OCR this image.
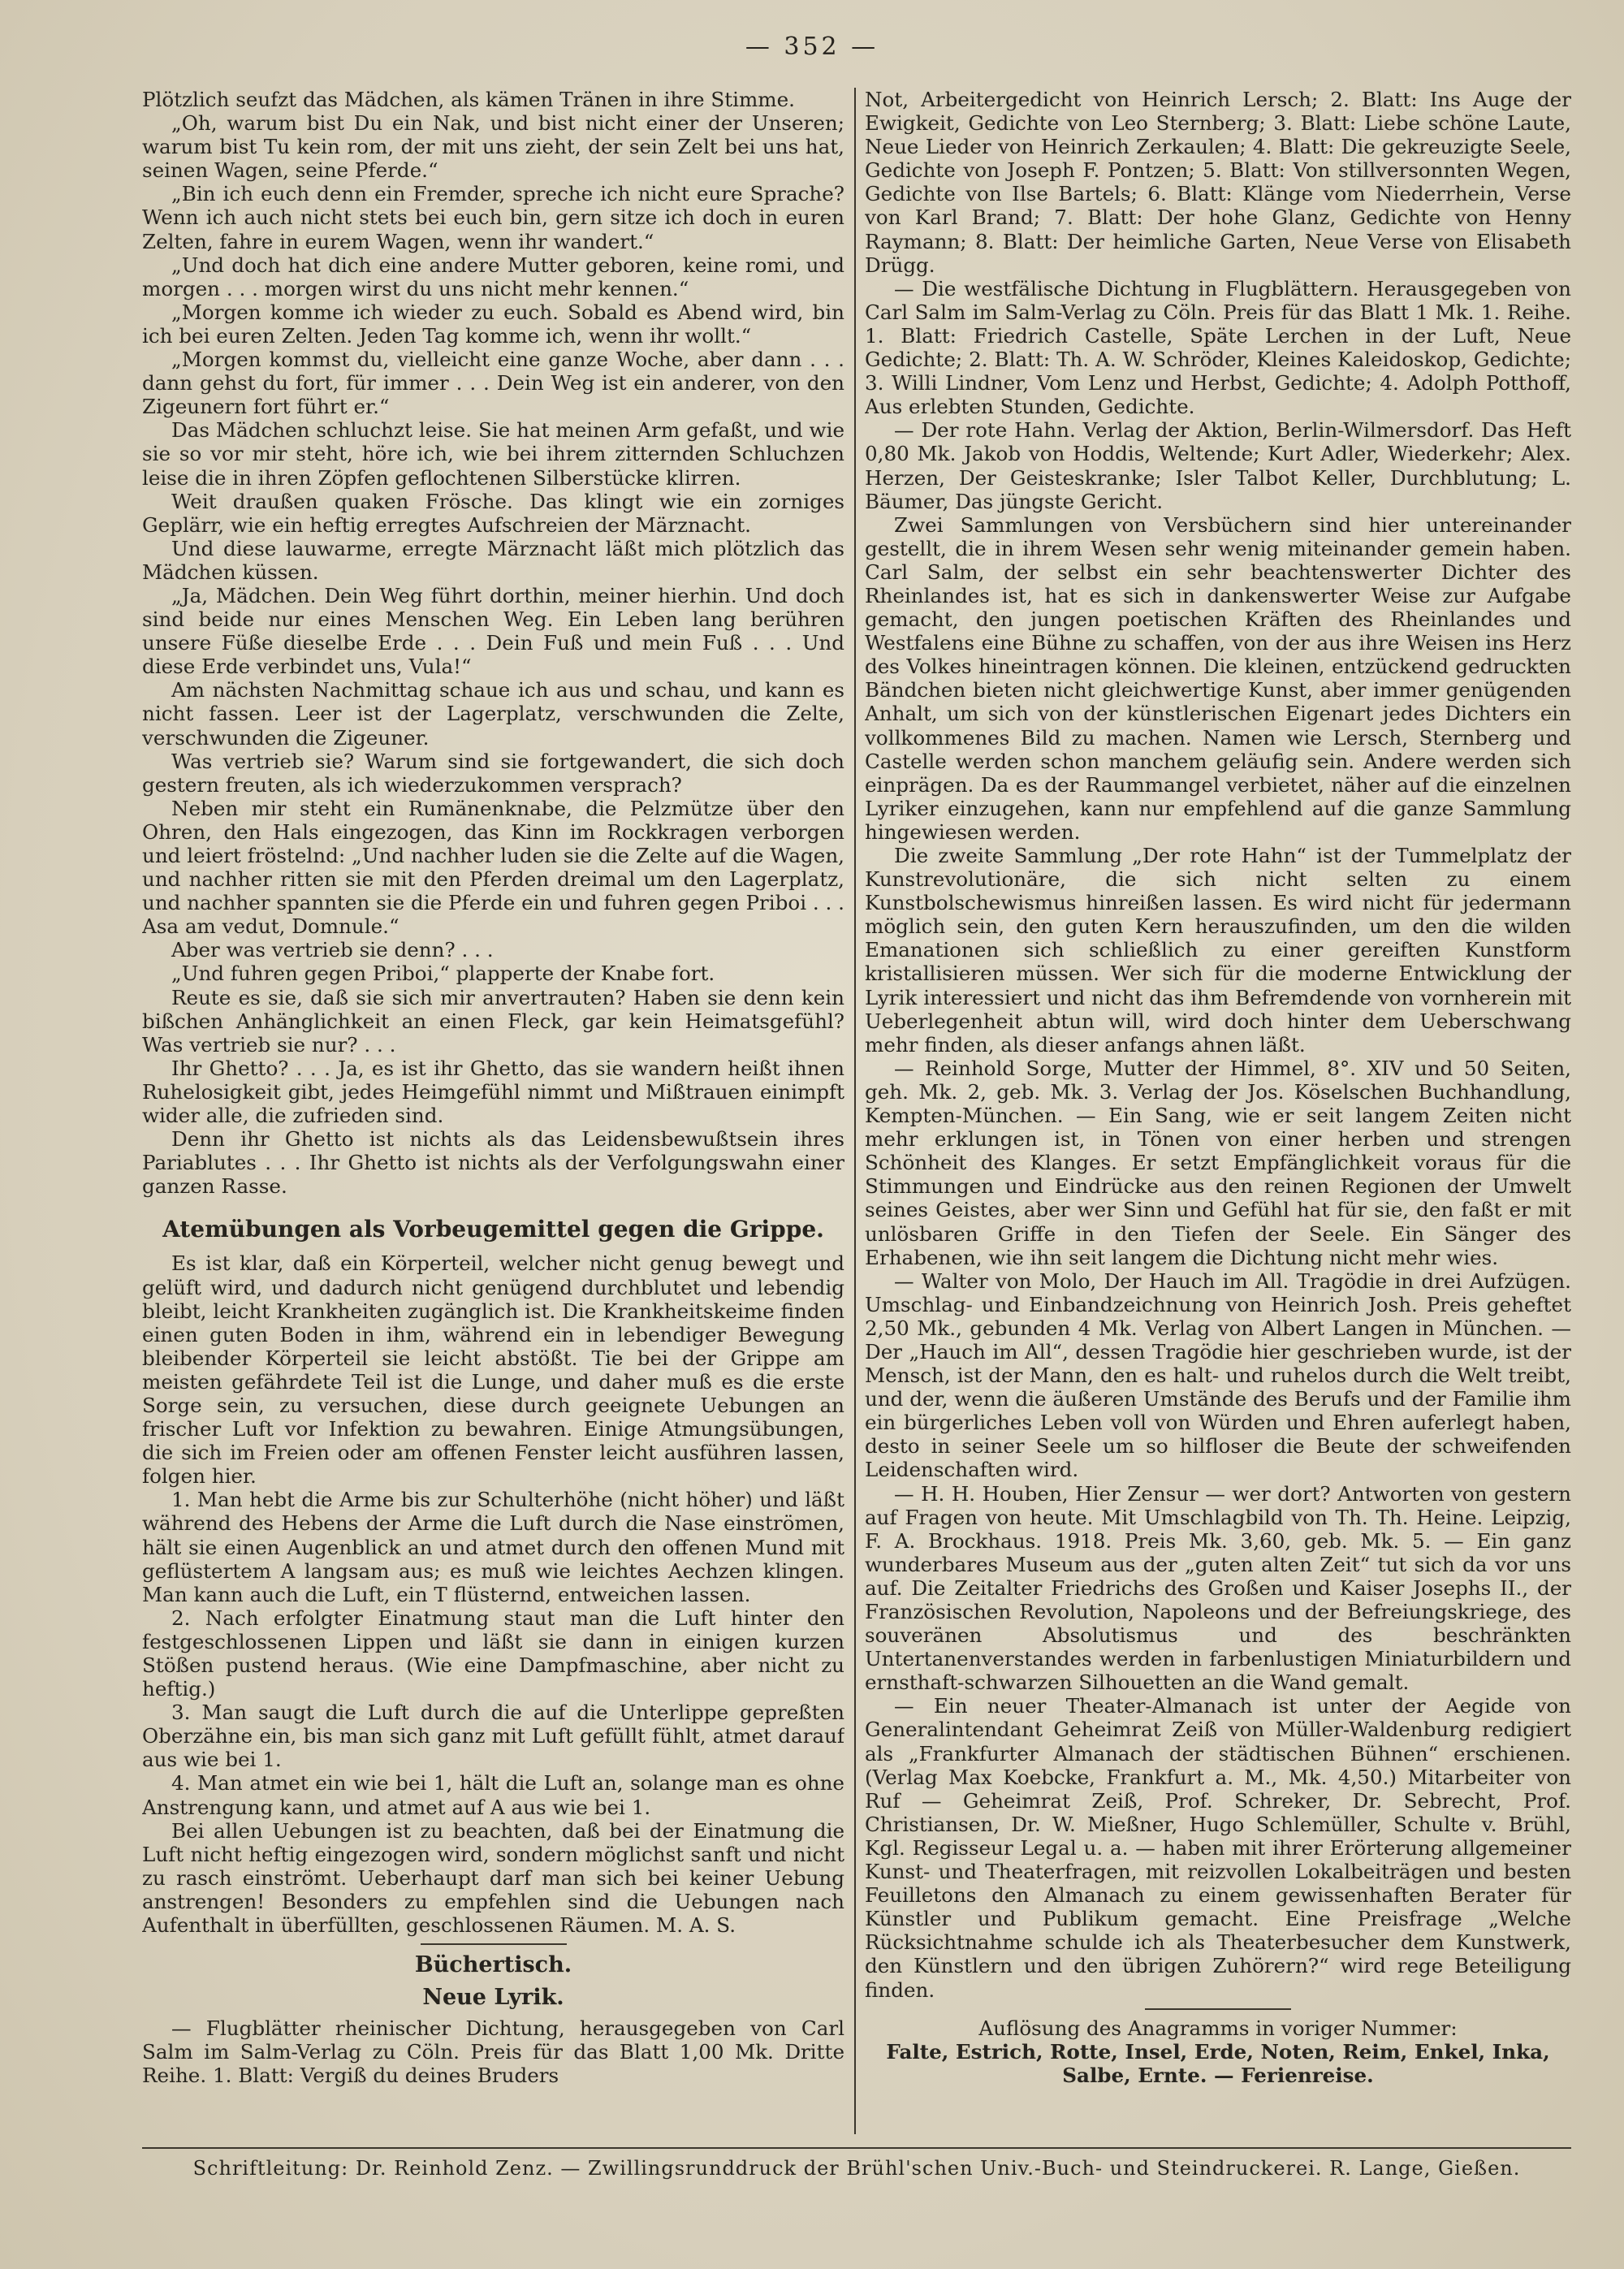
— 352 —

Plötzlich seufzt das Mädchen, als kämen Tränen in ihre Stimme.

„Oh, warum bist Du ein Nak, und bist nicht einer der Unseren; warum bist Tu kein rom, der mit uns zieht, der sein Zelt bei uns hat, seinen Wagen, seine Pferde.“

„Bin ich euch denn ein Fremder, spreche ich nicht eure Sprache? Wenn ich auch nicht stets bei euch bin, gern sitze ich doch in euren Zelten, fahre in eurem Wagen, wenn ihr wandert.“

„Und doch hat dich eine andere Mutter geboren, keine romi, und morgen . . . morgen wirst du uns nicht mehr kennen.“

„Morgen komme ich wieder zu euch. Sobald es Abend wird, bin ich bei euren Zelten. Jeden Tag komme ich, wenn ihr wollt.“

„Morgen kommst du, vielleicht eine ganze Woche, aber dann . . . dann gehst du fort, für immer . . . Dein Weg ist ein anderer, von den Zigeunern fort führt er.“

Das Mädchen schluchzt leise. Sie hat meinen Arm gefaßt, und wie sie so vor mir steht, höre ich, wie bei ihrem zitternden Schluchzen leise die in ihren Zöpfen geflochtenen Silberstücke klirren.

Weit draußen quaken Frösche. Das klingt wie ein zorniges Geplärr, wie ein heftig erregtes Aufschreien der Märznacht.

Und diese lauwarme, erregte Märznacht läßt mich plötzlich das Mädchen küssen.

„Ja, Mädchen. Dein Weg führt dorthin, meiner hierhin. Und doch sind beide nur eines Menschen Weg. Ein Leben lang berühren unsere Füße dieselbe Erde . . . Dein Fuß und mein Fuß . . . Und diese Erde verbindet uns, Vula!“

Am nächsten Nachmittag schaue ich aus und schau, und kann es nicht fassen. Leer ist der Lagerplatz, verschwunden die Zelte, verschwunden die Zigeuner.

Was vertrieb sie? Warum sind sie fortgewandert, die sich doch gestern freuten, als ich wiederzukommen versprach?

Neben mir steht ein Rumänenknabe, die Pelzmütze über den Ohren, den Hals eingezogen, das Kinn im Rockkragen verborgen und leiert fröstelnd: „Und nachher luden sie die Zelte auf die Wagen, und nachher ritten sie mit den Pferden dreimal um den Lagerplatz, und nachher spannten sie die Pferde ein und fuhren gegen Priboi . . . Asa am vedut, Domnule.“

Aber was vertrieb sie denn? . . .

„Und fuhren gegen Priboi,“ plapperte der Knabe fort.

Reute es sie, daß sie sich mir anvertrauten? Haben sie denn kein bißchen Anhänglichkeit an einen Fleck, gar kein Heimatsgefühl? Was vertrieb sie nur? . . .

Ihr Ghetto? . . . Ja, es ist ihr Ghetto, das sie wandern heißt ihnen Ruhelosigkeit gibt, jedes Heimgefühl nimmt und Mißtrauen einimpft wider alle, die zufrieden sind.

Denn ihr Ghetto ist nichts als das Leidensbewußtsein ihres Pariablutes . . . Ihr Ghetto ist nichts als der Verfolgungswahn einer ganzen Rasse.

Atemübungen als Vorbeugemittel gegen die Grippe.

Es ist klar, daß ein Körperteil, welcher nicht genug bewegt und gelüft wird, und dadurch nicht genügend durchblutet und lebendig bleibt, leicht Krankheiten zugänglich ist. Die Krankheitskeime finden einen guten Boden in ihm, während ein in lebendiger Bewegung bleibender Körperteil sie leicht abstößt. Tie bei der Grippe am meisten gefährdete Teil ist die Lunge, und daher muß es die erste Sorge sein, zu versuchen, diese durch geeignete Uebungen an frischer Luft vor Infektion zu bewahren. Einige Atmungsübungen, die sich im Freien oder am offenen Fenster leicht ausführen lassen, folgen hier.

1. Man hebt die Arme bis zur Schulterhöhe (nicht höher) und läßt während des Hebens der Arme die Luft durch die Nase einströmen, hält sie einen Augenblick an und atmet durch den offenen Mund mit geflüstertem A langsam aus; es muß wie leichtes Aechzen klingen. Man kann auch die Luft, ein T flüsternd, entweichen lassen.

2. Nach erfolgter Einatmung staut man die Luft hinter den festgeschlossenen Lippen und läßt sie dann in einigen kurzen Stößen pustend heraus. (Wie eine Dampfmaschine, aber nicht zu heftig.)

3. Man saugt die Luft durch die auf die Unterlippe gepreßten Oberzähne ein, bis man sich ganz mit Luft gefüllt fühlt, atmet darauf aus wie bei 1.

4. Man atmet ein wie bei 1, hält die Luft an, solange man es ohne Anstrengung kann, und atmet auf A aus wie bei 1.

Bei allen Uebungen ist zu beachten, daß bei der Einatmung die Luft nicht heftig eingezogen wird, sondern möglichst sanft und nicht zu rasch einströmt. Ueberhaupt darf man sich bei keiner Uebung anstrengen! Besonders zu empfehlen sind die Uebungen nach Aufenthalt in überfüllten, geschlossenen Räumen. M. A. S.

Büchertisch.
Neue Lyrik.

— Flugblätter rheinischer Dichtung, herausgegeben von Carl Salm im Salm-Verlag zu Cöln. Preis für das Blatt 1,00 Mk. Dritte Reihe. 1. Blatt: Vergiß du deines Bruders

Not, Arbeitergedicht von Heinrich Lersch; 2. Blatt: Ins Auge der Ewigkeit, Gedichte von Leo Sternberg; 3. Blatt: Liebe schöne Laute, Neue Lieder von Heinrich Zerkaulen; 4. Blatt: Die gekreuzigte Seele, Gedichte von Joseph F. Pontzen; 5. Blatt: Von stillversonnten Wegen, Gedichte von Ilse Bartels; 6. Blatt: Klänge vom Niederrhein, Verse von Karl Brand; 7. Blatt: Der hohe Glanz, Gedichte von Henny Raymann; 8. Blatt: Der heimliche Garten, Neue Verse von Elisabeth Drügg.

— Die westfälische Dichtung in Flugblättern. Herausgegeben von Carl Salm im Salm-Verlag zu Cöln. Preis für das Blatt 1 Mk. 1. Reihe. 1. Blatt: Friedrich Castelle, Späte Lerchen in der Luft, Neue Gedichte; 2. Blatt: Th. A. W. Schröder, Kleines Kaleidoskop, Gedichte; 3. Willi Lindner, Vom Lenz und Herbst, Gedichte; 4. Adolph Potthoff, Aus erlebten Stunden, Gedichte.

— Der rote Hahn. Verlag der Aktion, Berlin-Wilmersdorf. Das Heft 0,80 Mk. Jakob von Hoddis, Weltende; Kurt Adler, Wiederkehr; Alex. Herzen, Der Geisteskranke; Isler Talbot Keller, Durchblutung; L. Bäumer, Das jüngste Gericht.

Zwei Sammlungen von Versbüchern sind hier untereinander gestellt, die in ihrem Wesen sehr wenig miteinander gemein haben. Carl Salm, der selbst ein sehr beachtenswerter Dichter des Rheinlandes ist, hat es sich in dankenswerter Weise zur Aufgabe gemacht, den jungen poetischen Kräften des Rheinlandes und Westfalens eine Bühne zu schaffen, von der aus ihre Weisen ins Herz des Volkes hineintragen können. Die kleinen, entzückend gedruckten Bändchen bieten nicht gleichwertige Kunst, aber immer genügenden Anhalt, um sich von der künstlerischen Eigenart jedes Dichters ein vollkommenes Bild zu machen. Namen wie Lersch, Sternberg und Castelle werden schon manchem geläufig sein. Andere werden sich einprägen. Da es der Raummangel verbietet, näher auf die einzelnen Lyriker einzugehen, kann nur empfehlend auf die ganze Sammlung hingewiesen werden.

Die zweite Sammlung „Der rote Hahn“ ist der Tummelplatz der Kunstrevolutionäre, die sich nicht selten zu einem Kunstbolschewismus hinreißen lassen. Es wird nicht für jedermann möglich sein, den guten Kern herauszufinden, um den die wilden Emanationen sich schließlich zu einer gereiften Kunstform kristallisieren müssen. Wer sich für die moderne Entwicklung der Lyrik interessiert und nicht das ihm Befremdende von vornherein mit Ueberlegenheit abtun will, wird doch hinter dem Ueberschwang mehr finden, als dieser anfangs ahnen läßt.

— Reinhold Sorge, Mutter der Himmel, 8°. XIV und 50 Seiten, geh. Mk. 2, geb. Mk. 3. Verlag der Jos. Köselschen Buchhandlung, Kempten-München. — Ein Sang, wie er seit langem Zeiten nicht mehr erklungen ist, in Tönen von einer herben und strengen Schönheit des Klanges. Er setzt Empfänglichkeit voraus für die Stimmungen und Eindrücke aus den reinen Regionen der Umwelt seines Geistes, aber wer Sinn und Gefühl hat für sie, den faßt er mit unlösbaren Griffe in den Tiefen der Seele. Ein Sänger des Erhabenen, wie ihn seit langem die Dichtung nicht mehr wies.

— Walter von Molo, Der Hauch im All. Tragödie in drei Aufzügen. Umschlag- und Einbandzeichnung von Heinrich Josh. Preis geheftet 2,50 Mk., gebunden 4 Mk. Verlag von Albert Langen in München. — Der „Hauch im All“, dessen Tragödie hier geschrieben wurde, ist der Mensch, ist der Mann, den es halt- und ruhelos durch die Welt treibt, und der, wenn die äußeren Umstände des Berufs und der Familie ihm ein bürgerliches Leben voll von Würden und Ehren auferlegt haben, desto in seiner Seele um so hilfloser die Beute der schweifenden Leidenschaften wird.

— H. H. Houben, Hier Zensur — wer dort? Antworten von gestern auf Fragen von heute. Mit Umschlagbild von Th. Th. Heine. Leipzig, F. A. Brockhaus. 1918. Preis Mk. 3,60, geb. Mk. 5. — Ein ganz wunderbares Museum aus der „guten alten Zeit“ tut sich da vor uns auf. Die Zeitalter Friedrichs des Großen und Kaiser Josephs II., der Französischen Revolution, Napoleons und der Befreiungskriege, des souveränen Absolutismus und des beschränkten Untertanenverstandes werden in farbenlustigen Miniaturbildern und ernsthaft-schwarzen Silhouetten an die Wand gemalt.

— Ein neuer Theater-Almanach ist unter der Aegide von Generalintendant Geheimrat Zeiß von Müller-Waldenburg redigiert als „Frankfurter Almanach der städtischen Bühnen“ erschienen. (Verlag Max Koebcke, Frankfurt a. M., Mk. 4,50.) Mitarbeiter von Ruf — Geheimrat Zeiß, Prof. Schreker, Dr. Sebrecht, Prof. Christiansen, Dr. W. Mießner, Hugo Schlemüller, Schulte v. Brühl, Kgl. Regisseur Legal u. a. — haben mit ihrer Erörterung allgemeiner Kunst- und Theaterfragen, mit reizvollen Lokalbeiträgen und besten Feuilletons den Almanach zu einem gewissenhaften Berater für Künstler und Publikum gemacht. Eine Preisfrage „Welche Rücksichtnahme schulde ich als Theaterbesucher dem Kunstwerk, den Künstlern und den übrigen Zuhörern?“ wird rege Beteiligung finden.

Auflösung des Anagramms in voriger Nummer:

Falte, Estrich, Rotte, Insel, Erde, Noten, Reim, Enkel, Inka,

Salbe, Ernte. — Ferienreise.

Schriftleitung: Dr. Reinhold Zenz. — Zwillingsrunddruck der Brühl'schen Univ.-Buch- und Steindruckerei. R. Lange, Gießen.
